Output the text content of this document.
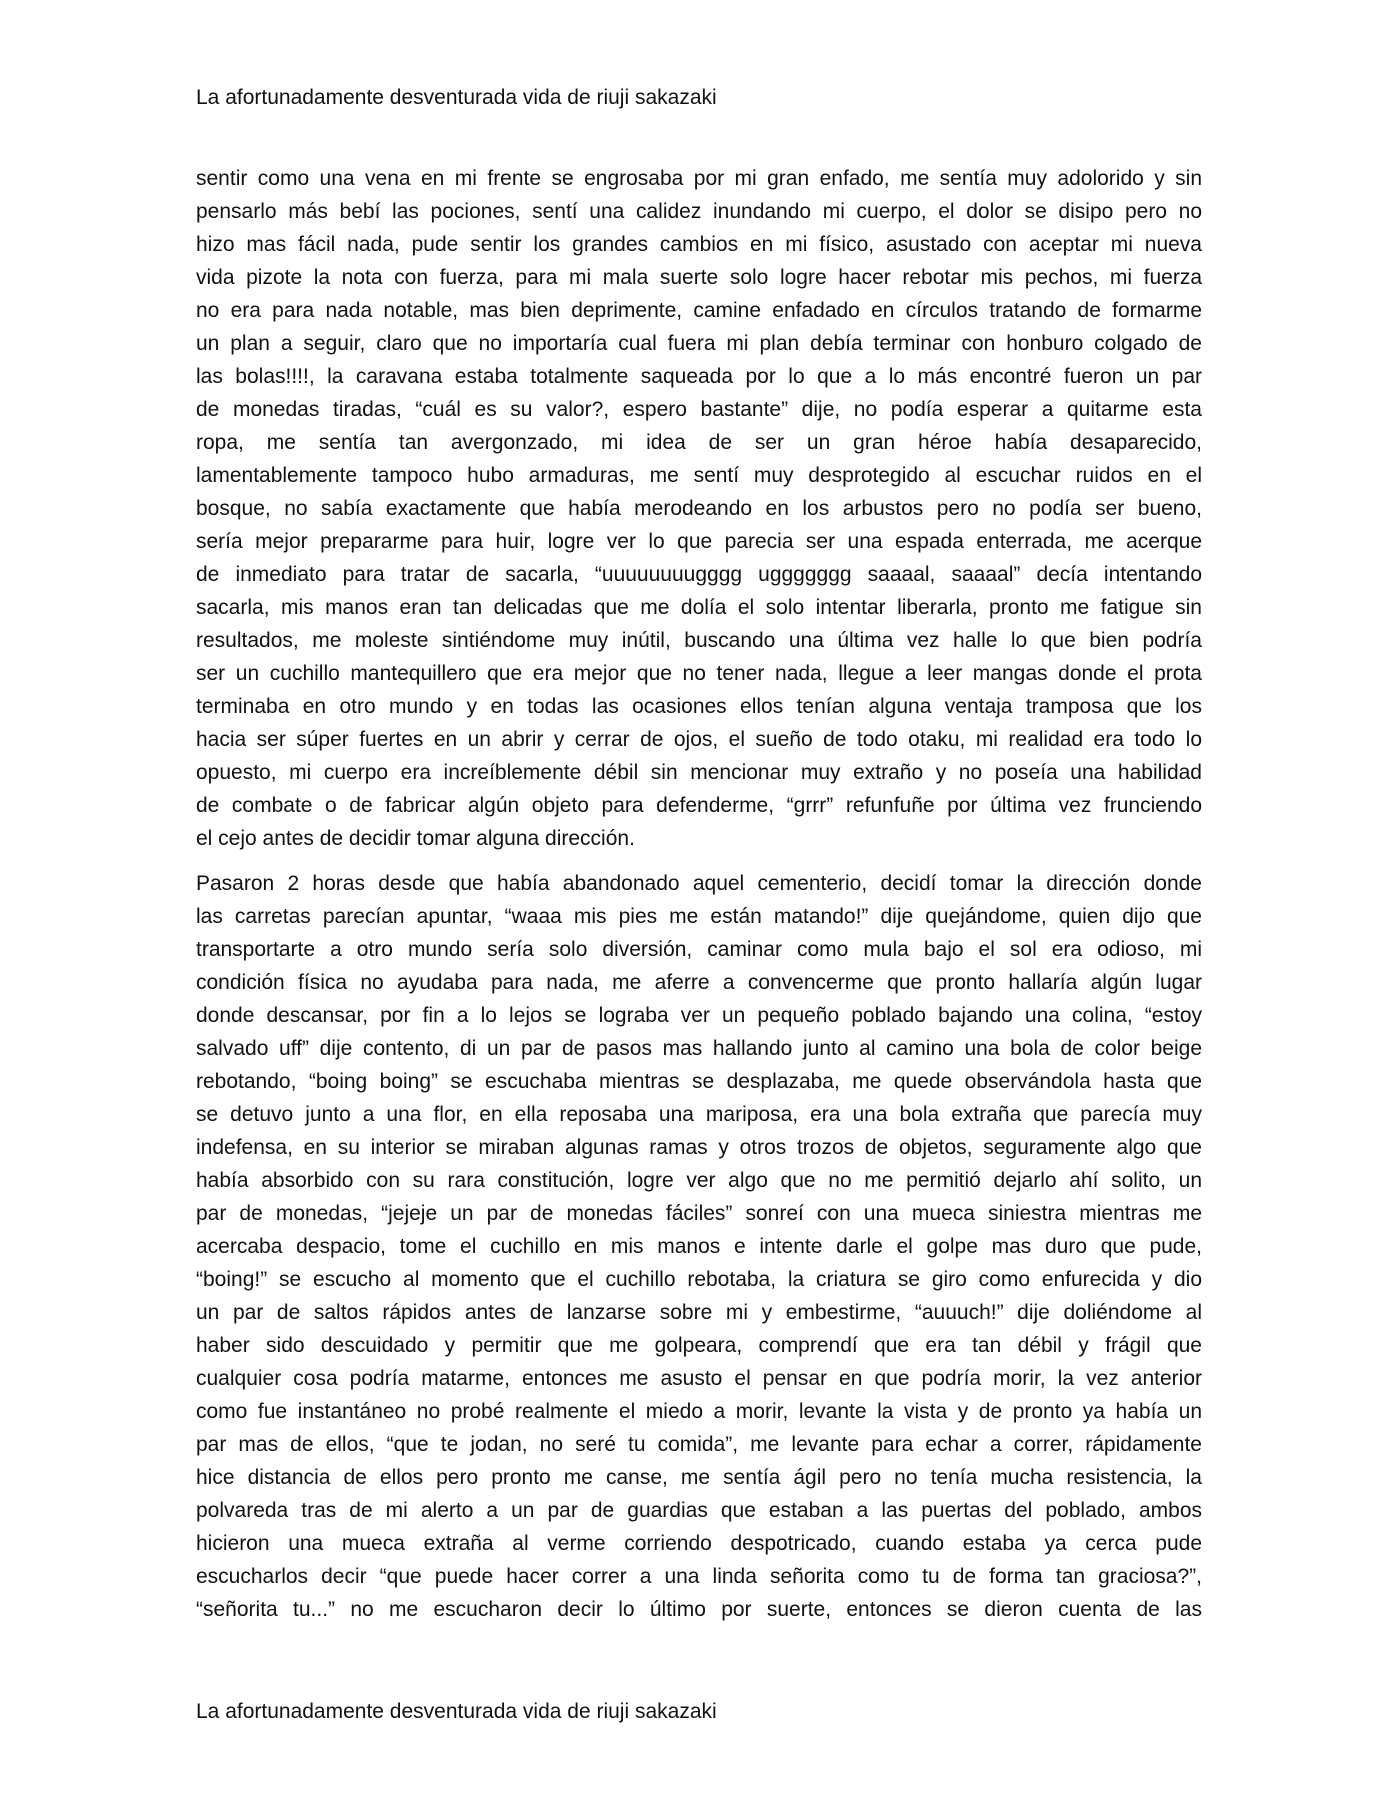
La afortunadamente desventurada vida de riuji sakazaki

sentir como una vena en mi frente se engrosaba por mi gran enfado, me sentía muy adolorido y sin
pensarlo más bebí las pociones, sentí una calidez inundando mi cuerpo, el dolor se disipo pero no
hizo mas fácil nada, pude sentir los grandes cambios en mi físico, asustado con aceptar mi nueva
vida pizote la nota con fuerza, para mi mala suerte solo logre hacer rebotar mis pechos, mi fuerza
no era para nada notable, mas bien deprimente, camine enfadado en círculos tratando de formarme
un plan a seguir, claro que no importaría cual fuera mi plan debía terminar con honburo colgado de
las bolas!!!!, la caravana estaba totalmente saqueada por lo que a lo más encontré fueron un par
de monedas tiradas, “cuál es su valor?, espero bastante” dije, no podía esperar a quitarme esta
ropa, me sentía tan avergonzado, mi idea de ser un gran héroe había desaparecido,
lamentablemente tampoco hubo armaduras, me sentí muy desprotegido al escuchar ruidos en el
bosque, no sabía exactamente que había merodeando en los arbustos pero no podía ser bueno,
sería mejor prepararme para huir, logre ver lo que parecia ser una espada enterrada, me acerque
de inmediato para tratar de sacarla, “uuuuuuuugggg uggggggg saaaal, saaaal” decía intentando
sacarla, mis manos eran tan delicadas que me dolía el solo intentar liberarla, pronto me fatigue sin
resultados, me moleste sintiéndome muy inútil, buscando una última vez halle lo que bien podría
ser un cuchillo mantequillero que era mejor que no tener nada, llegue a leer mangas donde el prota
terminaba en otro mundo y en todas las ocasiones ellos tenían alguna ventaja tramposa que los
hacia ser súper fuertes en un abrir y cerrar de ojos, el sueño de todo otaku, mi realidad era todo lo
opuesto, mi cuerpo era increíblemente débil sin mencionar muy extraño y no poseía una habilidad
de combate o de fabricar algún objeto para defenderme, “grrr” refunfuñe por última vez frunciendo
el cejo antes de decidir tomar alguna dirección.

Pasaron 2 horas desde que había abandonado aquel cementerio, decidí tomar la dirección donde
las carretas parecían apuntar, “waaa mis pies me están matando!” dije quejándome, quien dijo que
transportarte a otro mundo sería solo diversión, caminar como mula bajo el sol era odioso, mi
condición física no ayudaba para nada, me aferre a convencerme que pronto hallaría algún lugar
donde descansar, por fin a lo lejos se lograba ver un pequeño poblado bajando una colina, “estoy
salvado uff” dije contento, di un par de pasos mas hallando junto al camino una bola de color beige
rebotando, “boing boing” se escuchaba mientras se desplazaba, me quede observándola hasta que
se detuvo junto a una flor, en ella reposaba una mariposa, era una bola extraña que parecía muy
indefensa, en su interior se miraban algunas ramas y otros trozos de objetos, seguramente algo que
había absorbido con su rara constitución, logre ver algo que no me permitió dejarlo ahí solito, un
par de monedas, “jejeje un par de monedas fáciles” sonreí con una mueca siniestra mientras me
acercaba despacio, tome el cuchillo en mis manos e intente darle el golpe mas duro que pude,
“boing!” se escucho al momento que el cuchillo rebotaba, la criatura se giro como enfurecida y dio
un par de saltos rápidos antes de lanzarse sobre mi y embestirme, “auuuch!” dije doliéndome al
haber sido descuidado y permitir que me golpeara, comprendí que era tan débil y frágil que
cualquier cosa podría matarme, entonces me asusto el pensar en que podría morir, la vez anterior
como fue instantáneo no probé realmente el miedo a morir, levante la vista y de pronto ya había un
par mas de ellos, “que te jodan, no seré tu comida”, me levante para echar a correr, rápidamente
hice distancia de ellos pero pronto me canse, me sentía ágil pero no tenía mucha resistencia, la
polvareda tras de mi alerto a un par de guardias que estaban a las puertas del poblado, ambos
hicieron una mueca extraña al verme corriendo despotricado, cuando estaba ya cerca pude
escucharlos decir “que puede hacer correr a una linda señorita como tu de forma tan graciosa?”,
“señorita tu...” no me escucharon decir lo último por suerte, entonces se dieron cuenta de las

La afortunadamente desventurada vida de riuji sakazaki
